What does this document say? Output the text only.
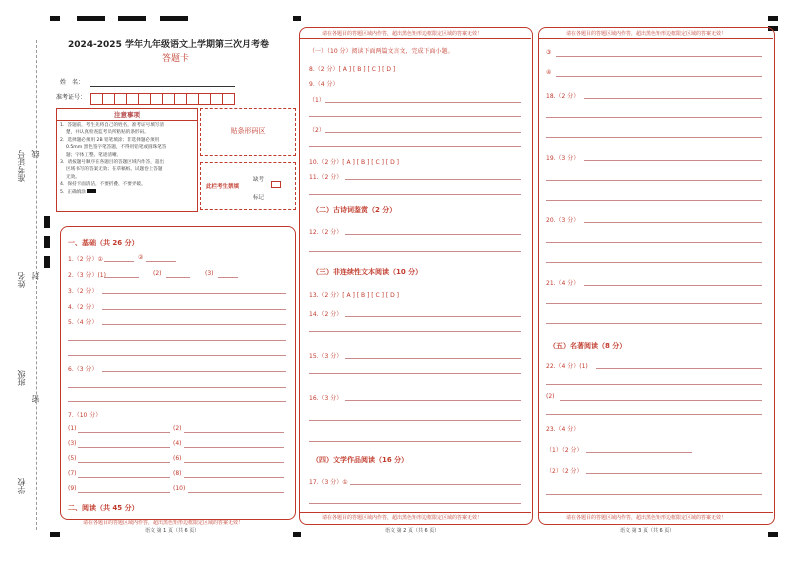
准考证号 线
姓名 封
班级
密
学校
2024-2025 学年九年级语文上学期第三次月考卷
答题卡
姓　名：
准考证号：
注意事项
1．答题前，考生先将自己的姓名，准考证号填写清
楚，并认真检查监考员所粘贴的条形码。
2．选择题必须用 2B 铅笔填涂；非选择题必须用
0.5mm 黑色签字笔答题，不得用铅笔或圆珠笔答
题；字体工整、笔迹清晰。
3．请按题号顺序在各题目的答题区域内作答，超出
区域书写的答案无效；在草稿纸、试题卷上答题
无效。
4．保持卡面清洁，不要折叠、不要弄破。
5．正确填涂
贴条形码区
此栏考生禁填
缺考
标记
一、基础（共 26 分）
1.（2 分）①	②
2.（3 分）(1)	(2)	(3)
3.（2 分）
4.（2 分）
5.（4 分）
6.（3 分）
7.（10 分）
(1)	(2)
(3)	(4)
(5)	(6)
(7)	(8)
(9)	(10)
二、阅读（共 45 分）
请在各题目的答题区域内作答，超出黑色矩形边框限定区域的答案无效！
语文 第 1 页（共 6 页）
请在各题目的答题区域内作答，超出黑色矩形边框限定区域的答案无效！
（一）（10 分）阅读下面两篇文言文，完成下面小题。
8.（2 分）[ A ] [ B ] [ C ] [ D ]
9.（4 分）
（1）
（2）
10.（2 分）[ A ] [ B ] [ C ] [ D ]
11.（2 分）
（二）古诗词鉴赏（2 分）
12.（2 分）
（三）非连续性文本阅读（10 分）
13.（2 分）[ A ] [ B ] [ C ] [ D ]
14.（2 分）
15.（3 分）
16.（3 分）
（四）文学作品阅读（16 分）
17.（3 分）①
请在各题目的答题区域内作答，超出黑色矩形边框限定区域的答案无效！
语文 第 2 页（共 6 页）
请在各题目的答题区域内作答，超出黑色矩形边框限定区域的答案无效！
③
④
18.（2 分）
19.（3 分）
20.（3 分）
21.（4 分）
（五）名著阅读（8 分）
22.（4 分）(1)
(2)
23.（4 分）
（1）（2 分）
（2）（2 分）
请在各题目的答题区域内作答，超出黑色矩形边框限定区域的答案无效！
语文 第 3 页（共 6 页）
